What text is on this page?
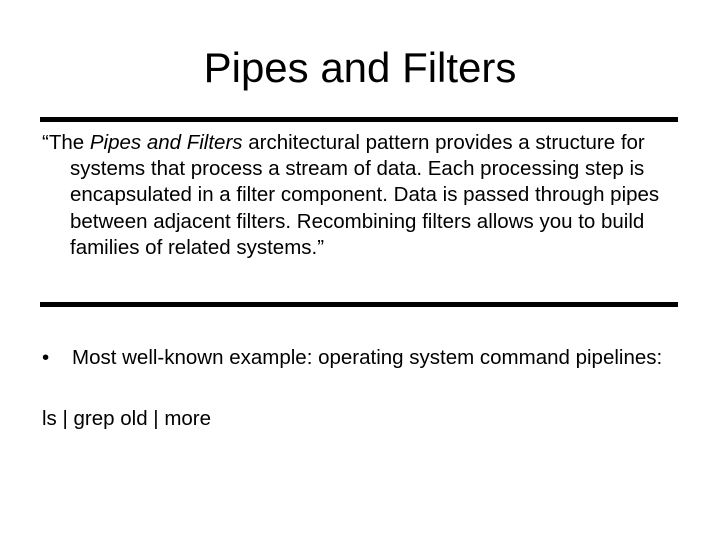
Pipes and Filters

“The Pipes and Filters architectural pattern provides a structure for systems that process a stream of data. Each processing step is encapsulated in a filter component. Data is passed through pipes between adjacent filters. Recombining filters allows you to build families of related systems.”

•	Most well-known example: operating system command pipelines:

ls | grep old | more
